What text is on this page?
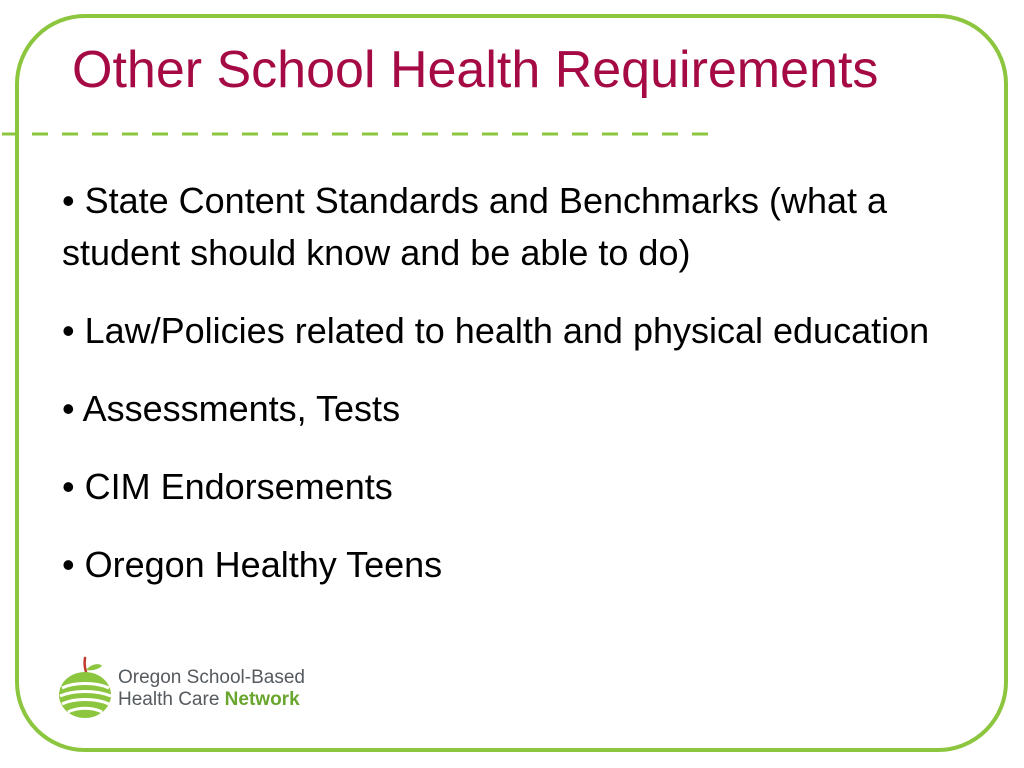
Other School Health Requirements
• State Content Standards and Benchmarks (what a student should know and be able to do)
• Law/Policies related to health and physical education
• Assessments, Tests
• CIM Endorsements
• Oregon Healthy Teens
Oregon School-Based
Health Care Network
